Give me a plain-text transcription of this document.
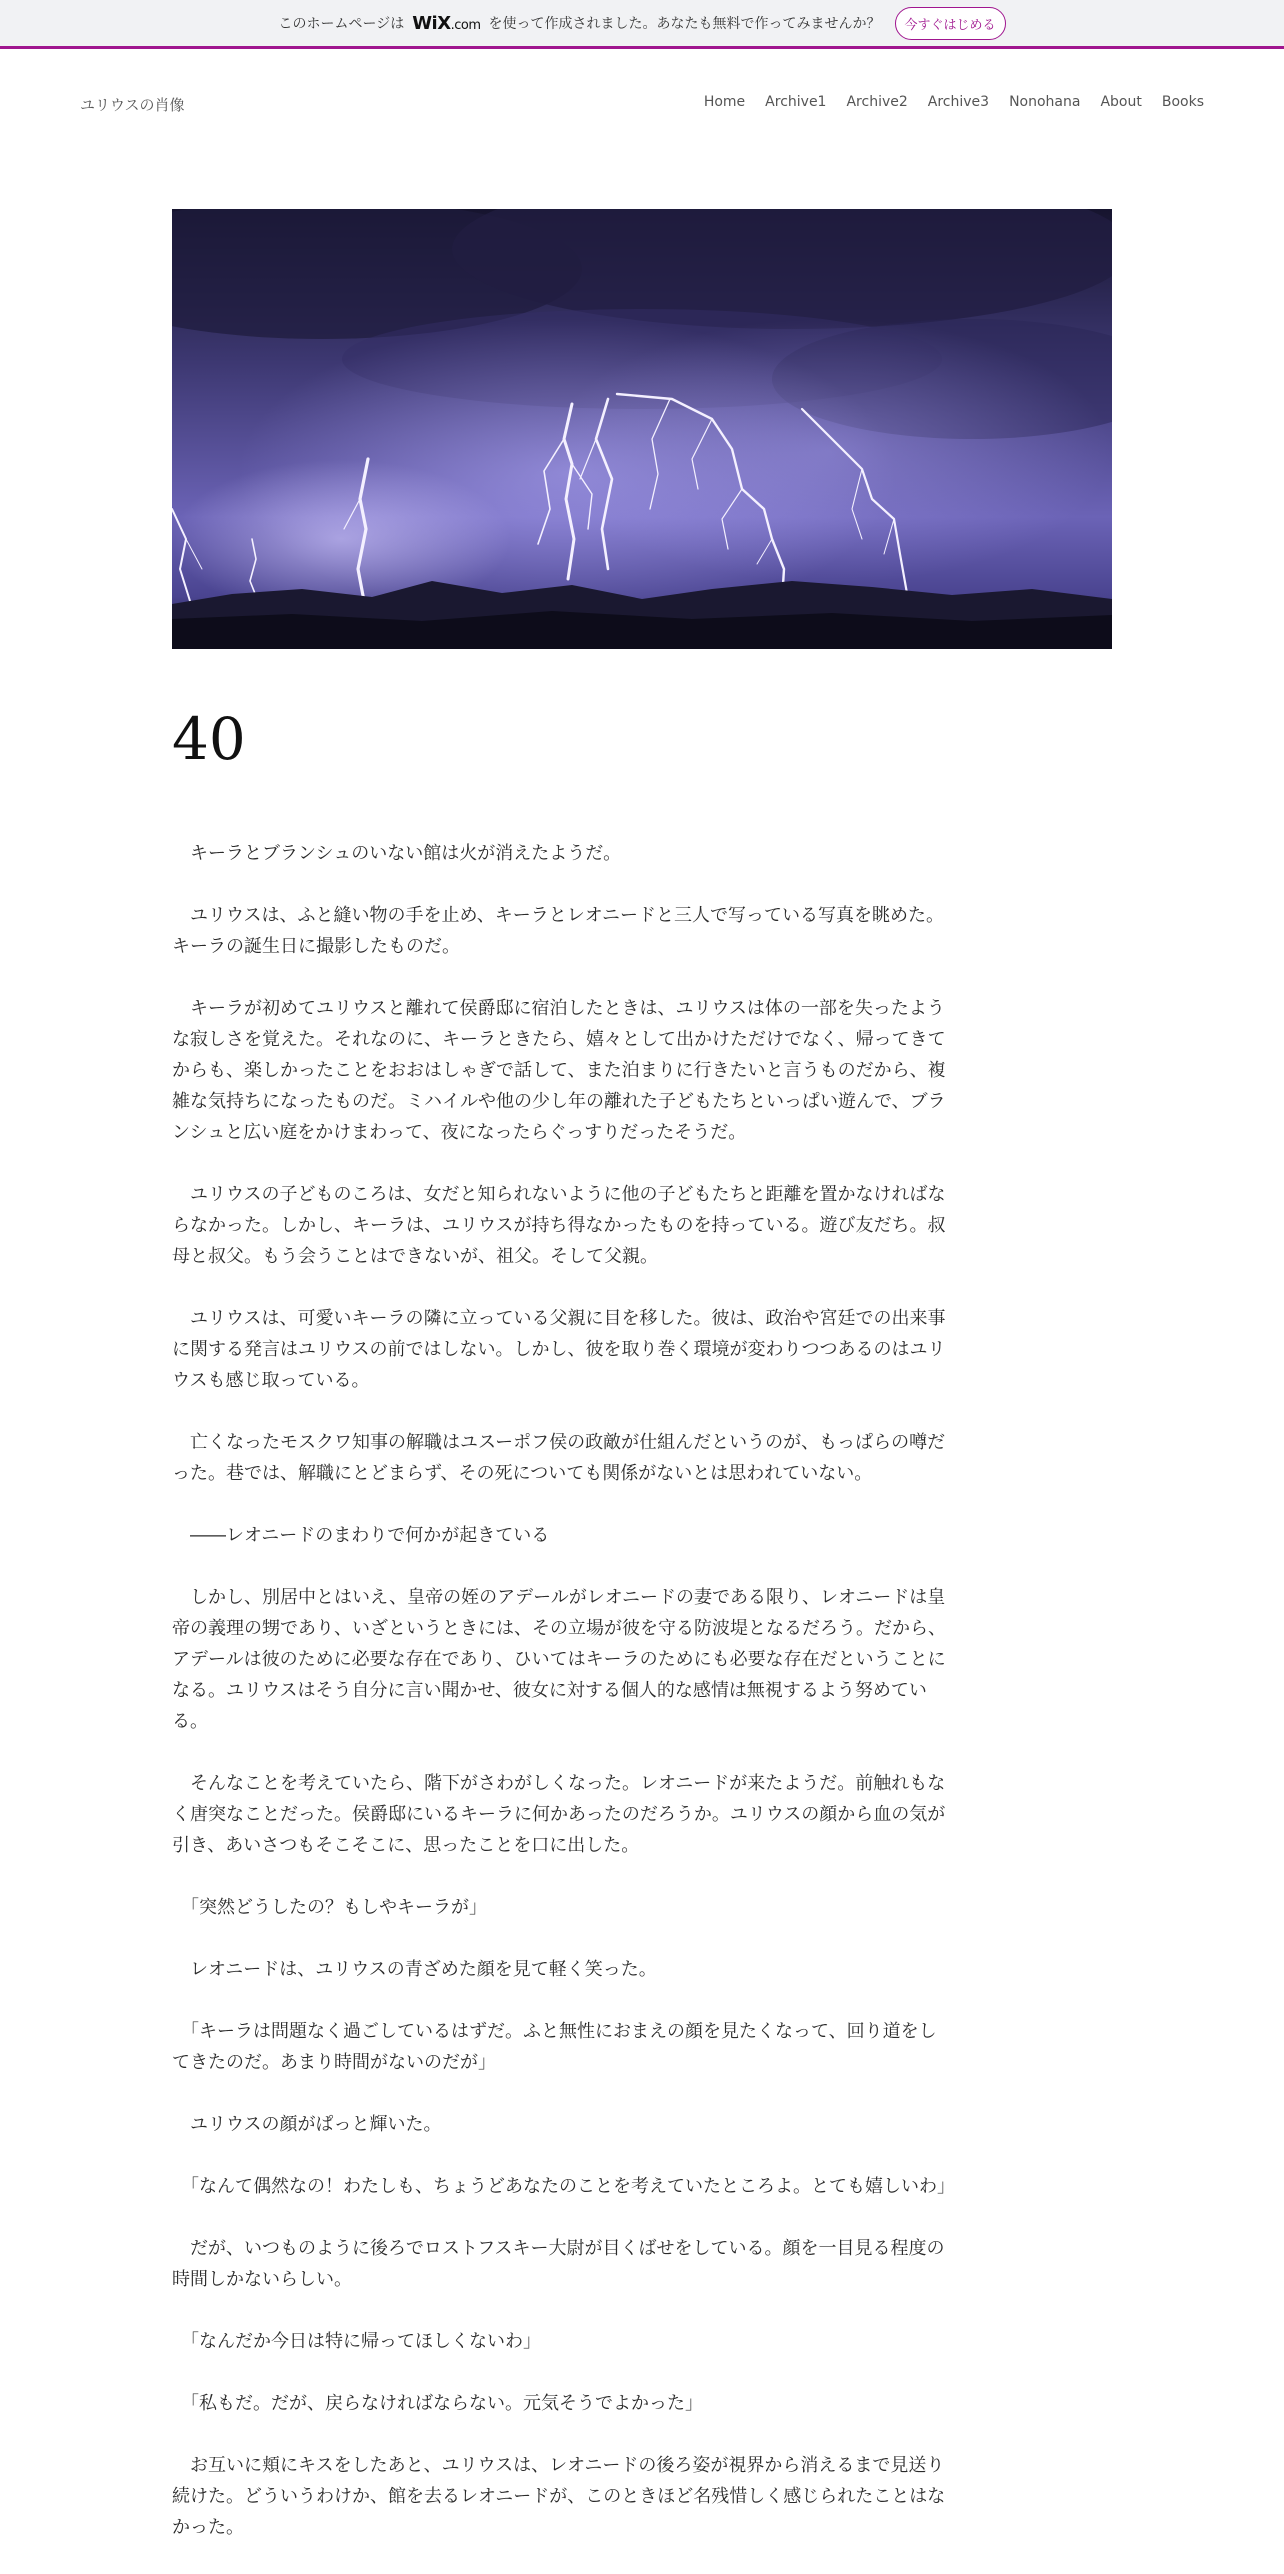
このホームページは WiX.com を使って作成されました。あなたも無料で作ってみませんか？	今すぐはじめる
ユリウスの肖像	Home Archive1 Archive2 Archive3 Nonohana About Books
40

　キーラとブランシュのいない館は火が消えたようだ。

　ユリウスは、ふと縫い物の手を止め、キーラとレオニードと三人で写っている写真を眺めた。キーラの誕生日に撮影したものだ。

　キーラが初めてユリウスと離れて侯爵邸に宿泊したときは、ユリウスは体の一部を失ったような寂しさを覚えた。それなのに、キーラときたら、嬉々として出かけただけでなく、帰ってきてからも、楽しかったことをおおはしゃぎで話して、また泊まりに行きたいと言うものだから、複雑な気持ちになったものだ。ミハイルや他の少し年の離れた子どもたちといっぱい遊んで、ブランシュと広い庭をかけまわって、夜になったらぐっすりだったそうだ。

　ユリウスの子どものころは、女だと知られないように他の子どもたちと距離を置かなければならなかった。しかし、キーラは、ユリウスが持ち得なかったものを持っている。遊び友だち。叔母と叔父。もう会うことはできないが、祖父。そして父親。

　ユリウスは、可愛いキーラの隣に立っている父親に目を移した。彼は、政治や宮廷での出来事に関する発言はユリウスの前ではしない。しかし、彼を取り巻く環境が変わりつつあるのはユリウスも感じ取っている。

　亡くなったモスクワ知事の解職はユスーポフ侯の政敵が仕組んだというのが、もっぱらの噂だった。巷では、解職にとどまらず、その死についても関係がないとは思われていない。

　――レオニードのまわりで何かが起きている

　しかし、別居中とはいえ、皇帝の姪のアデールがレオニードの妻である限り、レオニードは皇帝の義理の甥であり、いざというときには、その立場が彼を守る防波堤となるだろう。だから、アデールは彼のために必要な存在であり、ひいてはキーラのためにも必要な存在だということになる。ユリウスはそう自分に言い聞かせ、彼女に対する個人的な感情は無視するよう努めている。

　そんなことを考えていたら、階下がさわがしくなった。レオニードが来たようだ。前触れもなく唐突なことだった。侯爵邸にいるキーラに何かあったのだろうか。ユリウスの顔から血の気が引き、あいさつもそこそこに、思ったことを口に出した。

　「突然どうしたの？もしやキーラが」

　レオニードは、ユリウスの青ざめた顔を見て軽く笑った。

　「キーラは問題なく過ごしているはずだ。ふと無性におまえの顔を見たくなって、回り道をしてきたのだ。あまり時間がないのだが」

　ユリウスの顔がぱっと輝いた。

　「なんて偶然なの！わたしも、ちょうどあなたのことを考えていたところよ。とても嬉しいわ」

　だが、いつものように後ろでロストフスキー大尉が目くばせをしている。顔を一目見る程度の時間しかないらしい。

　「なんだか今日は特に帰ってほしくないわ」

　「私もだ。だが、戻らなければならない。元気そうでよかった」

　お互いに頬にキスをしたあと、ユリウスは、レオニードの後ろ姿が視界から消えるまで見送り続けた。どういうわけか、館を去るレオニードが、このときほど名残惜しく感じられたことはなかった。
